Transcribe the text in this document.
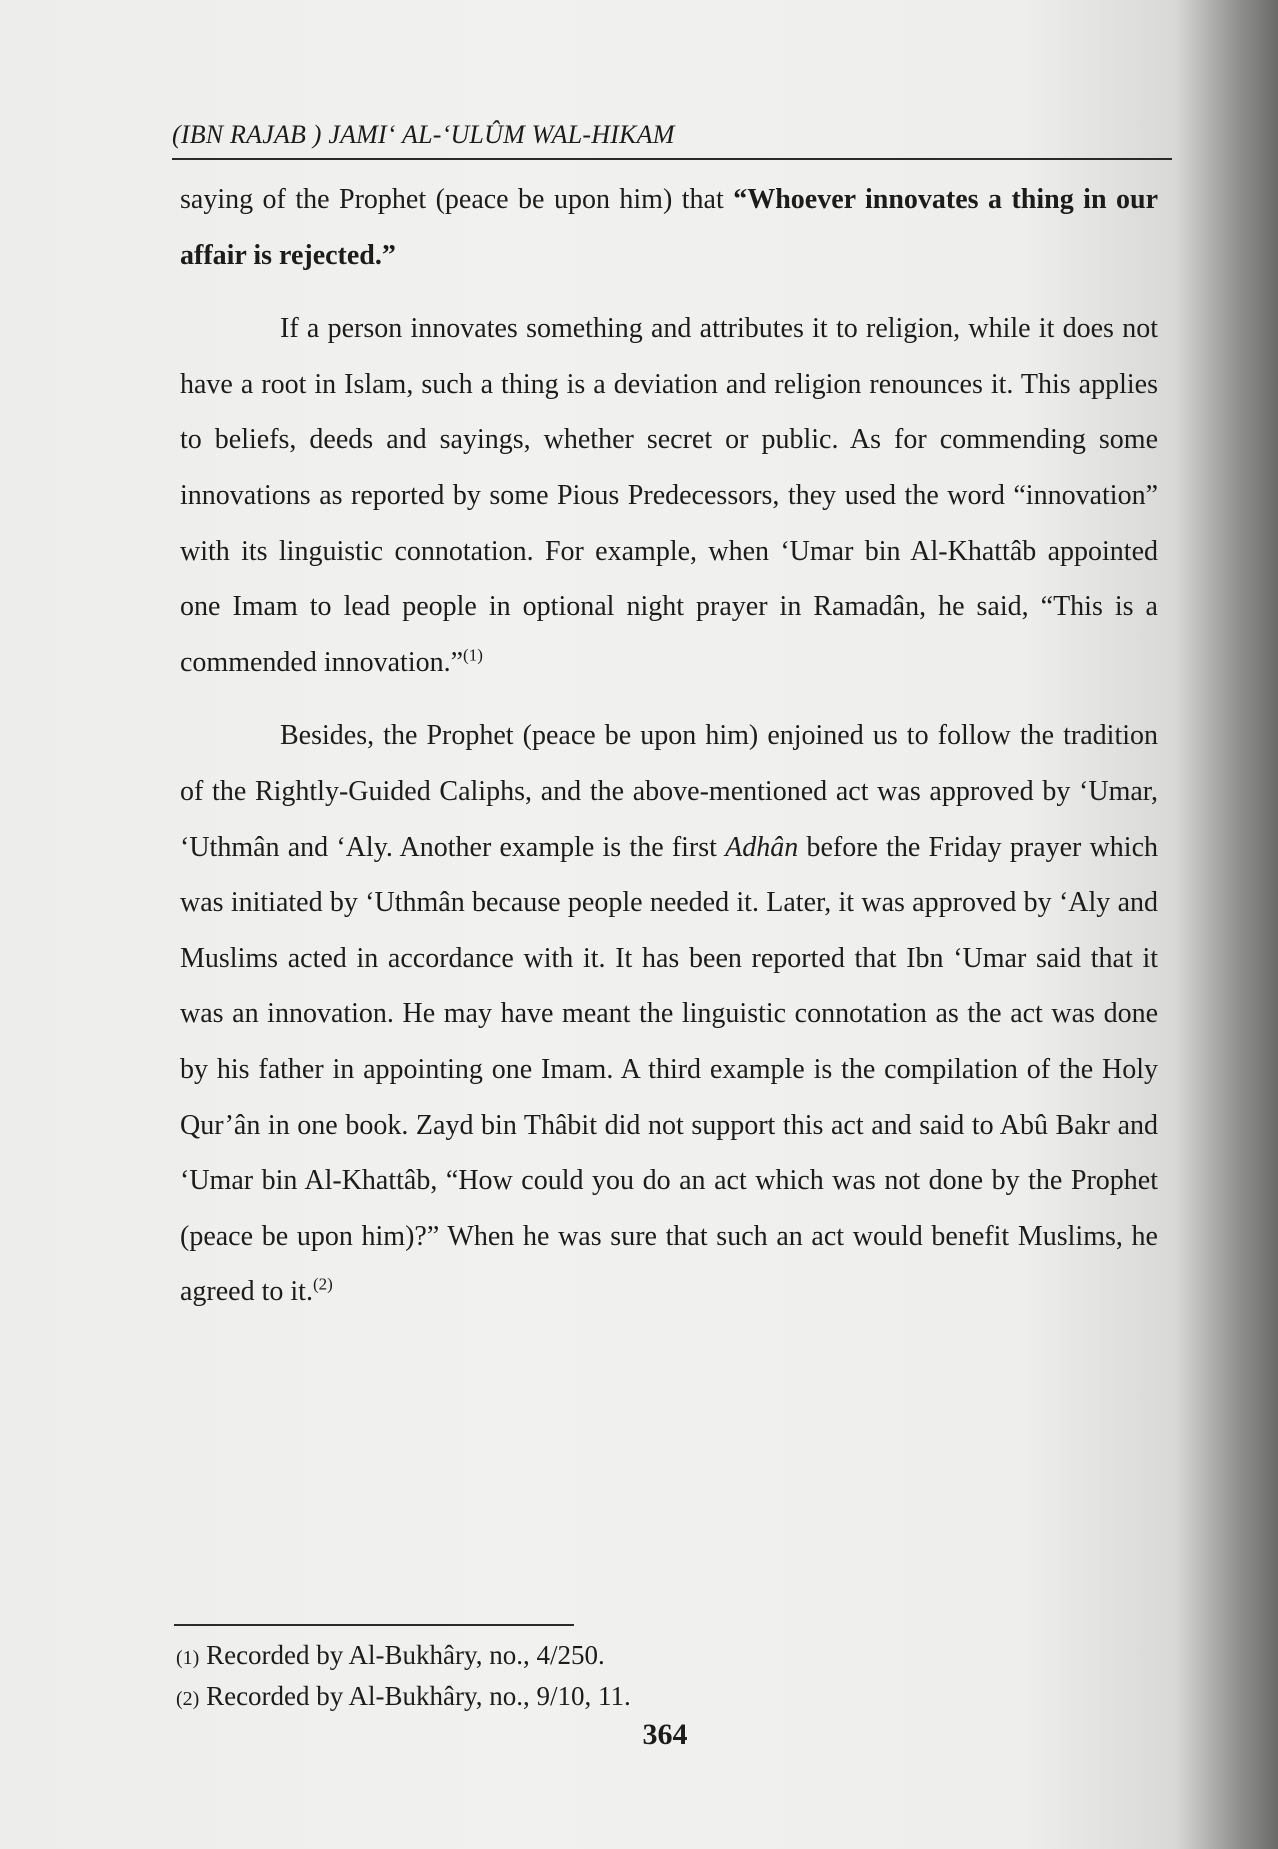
(IBN RAJAB ) JAMI‘ AL-‘ULÛM WAL-HIKAM

saying of the Prophet (peace be upon him) that “Whoever innovates a thing in our affair is rejected.”

If a person innovates something and attributes it to religion, while it does not have a root in Islam, such a thing is a deviation and religion renounces it. This applies to beliefs, deeds and sayings, whether secret or public. As for commending some innovations as reported by some Pious Predecessors, they used the word “innovation” with its linguistic connotation. For example, when ‘Umar bin Al-Khattâb appointed one Imam to lead people in optional night prayer in Ramadân, he said, “This is a commended innovation.”$^{(1)}$

Besides, the Prophet (peace be upon him) enjoined us to follow the tradition of the Rightly-Guided Caliphs, and the above-mentioned act was approved by ‘Umar, ‘Uthmân and ‘Aly. Another example is the first Adhân before the Friday prayer which was initiated by ‘Uthmân because people needed it. Later, it was approved by ‘Aly and Muslims acted in accordance with it. It has been reported that Ibn ‘Umar said that it was an innovation. He may have meant the linguistic connotation as the act was done by his father in appointing one Imam. A third example is the compilation of the Holy Qur’ân in one book. Zayd bin Thâbit did not support this act and said to Abû Bakr and ‘Umar bin Al-Khattâb, “How could you do an act which was not done by the Prophet (peace be upon him)?” When he was sure that such an act would benefit Muslims, he agreed to it.$^{(2)}$

(1) Recorded by Al-Bukhâry, no., 4/250.
(2) Recorded by Al-Bukhâry, no., 9/10, 11.
364
